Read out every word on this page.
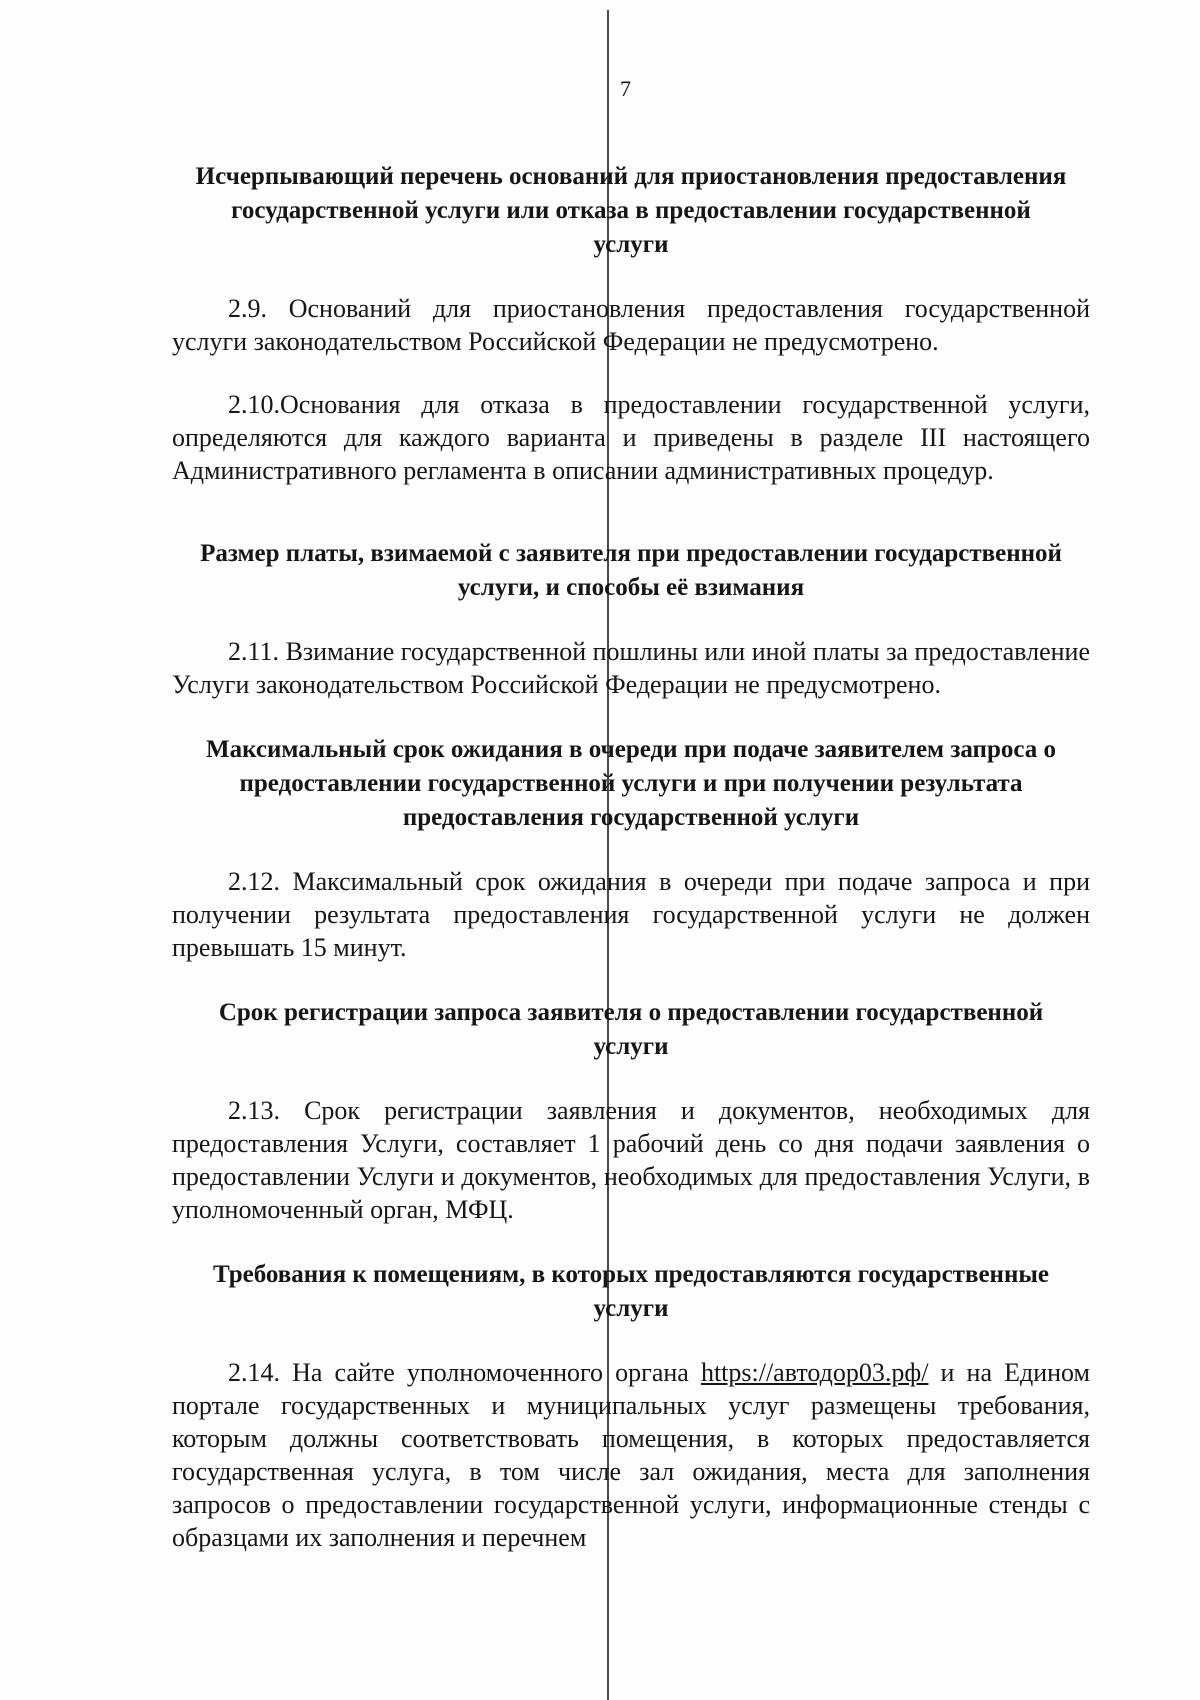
7
Исчерпывающий перечень оснований для приостановления предоставления государственной услуги или отказа в предоставлении государственной услуги

2.9. Оснований для приостановления предоставления государственной услуги законодательством Российской Федерации не предусмотрено.

2.10.Основания для отказа в предоставлении государственной услуги, определяются для каждого варианта и приведены в разделе III настоящего Административного регламента в описании административных процедур.

Размер платы, взимаемой с заявителя при предоставлении государственной услуги, и способы её взимания

2.11. Взимание государственной пошлины или иной платы за предоставление Услуги законодательством Российской Федерации не предусмотрено.

Максимальный срок ожидания в очереди при подаче заявителем запроса о предоставлении государственной услуги и при получении результата предоставления государственной услуги

2.12. Максимальный срок ожидания в очереди при подаче запроса и при получении результата предоставления государственной услуги не должен превышать 15 минут.

Срок регистрации запроса заявителя о предоставлении государственной услуги

2.13. Срок регистрации заявления и документов, необходимых для предоставления Услуги, составляет 1 рабочий день со дня подачи заявления о предоставлении Услуги и документов, необходимых для предоставления Услуги, в уполномоченный орган, МФЦ.

Требования к помещениям, в которых предоставляются государственные услуги

2.14. На сайте уполномоченного органа https://автодор03.рф/ и на Едином портале государственных и муниципальных услуг размещены требования, которым должны соответствовать помещения, в которых предоставляется государственная услуга, в том числе зал ожидания, места для заполнения запросов о предоставлении государственной услуги, информационные стенды с образцами их заполнения и перечнем
